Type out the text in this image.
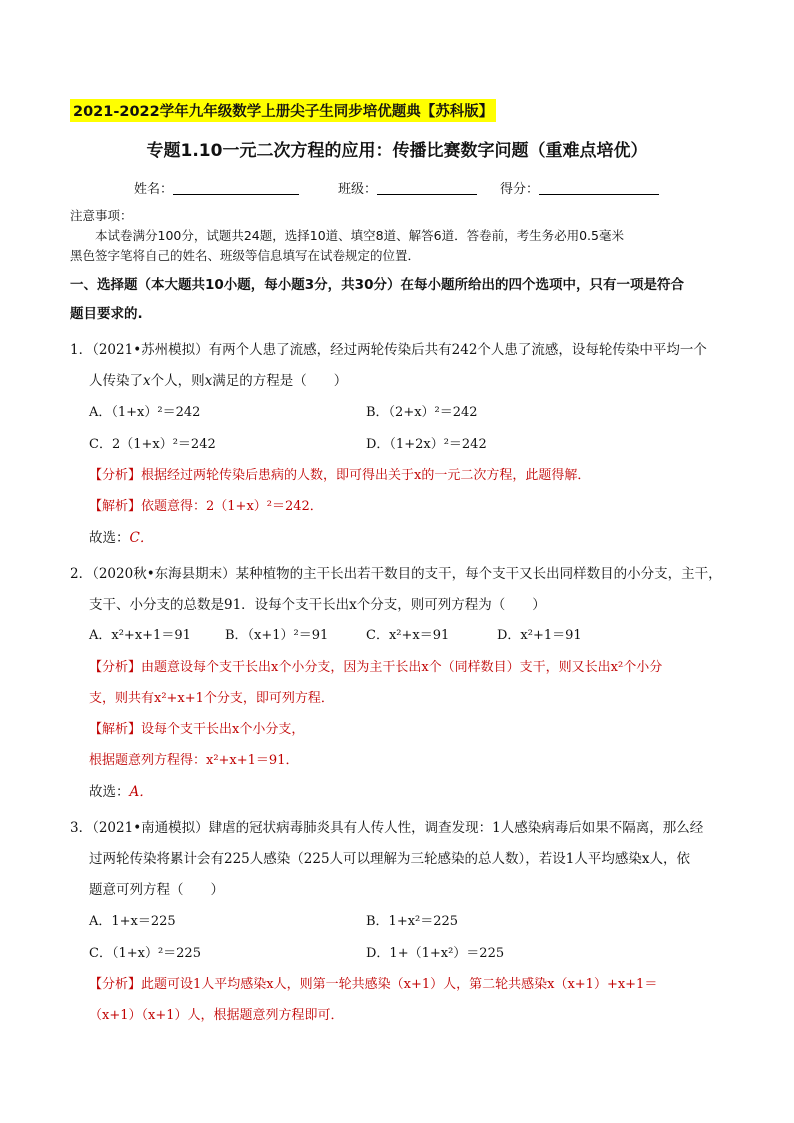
2021-2022学年九年级数学上册尖子生同步培优题典【苏科版】
专题1.10一元二次方程的应用：传播比赛数字问题（重难点培优）
姓名：	班级：	得分：
注意事项：
本试卷满分100分，试题共24题，选择10道、填空8道、解答6道．答卷前，考生务必用0.5毫米
黑色签字笔将自己的姓名、班级等信息填写在试卷规定的位置．
一、选择题（本大题共10小题，每小题3分，共30分）在每小题所给出的四个选项中，只有一项是符合
题目要求的.
1．（2021•苏州模拟）有两个人患了流感，经过两轮传染后共有242个人患了流感，设每轮传染中平均一个
人传染了x个人，则x满足的方程是（　　）
A．（1+x）²＝242	B．（2+x）²＝242
C．2（1+x）²＝242	D．（1+2x）²＝242
【分析】根据经过两轮传染后患病的人数，即可得出关于x的一元二次方程，此题得解．
【解析】依题意得：2（1+x）²＝242．
故选：C．
2．（2020秋•东海县期末）某种植物的主干长出若干数目的支干，每个支干又长出同样数目的小分支，主干，
支干、小分支的总数是91．设每个支干长出x个分支，则可列方程为（　　）
A．x²+x+1＝91	B．（x+1）²＝91	C．x²+x＝91	D．x²+1＝91
【分析】由题意设每个支干长出x个小分支，因为主干长出x个（同样数目）支干，则又长出x²个小分
支，则共有x²+x+1个分支，即可列方程．
【解析】设每个支干长出x个小分支，
根据题意列方程得：x²+x+1＝91．
故选：A．
3．（2021•南通模拟）肆虐的冠状病毒肺炎具有人传人性，调查发现：1人感染病毒后如果不隔离，那么经
过两轮传染将累计会有225人感染（225人可以理解为三轮感染的总人数），若设1人平均感染x人，依
题意可列方程（　　）
A．1+x＝225	B．1+x²＝225
C．（1+x）²＝225	D．1+（1+x²）＝225
【分析】此题可设1人平均感染x人，则第一轮共感染（x+1）人，第二轮共感染x（x+1）+x+1＝
（x+1）（x+1）人，根据题意列方程即可．
